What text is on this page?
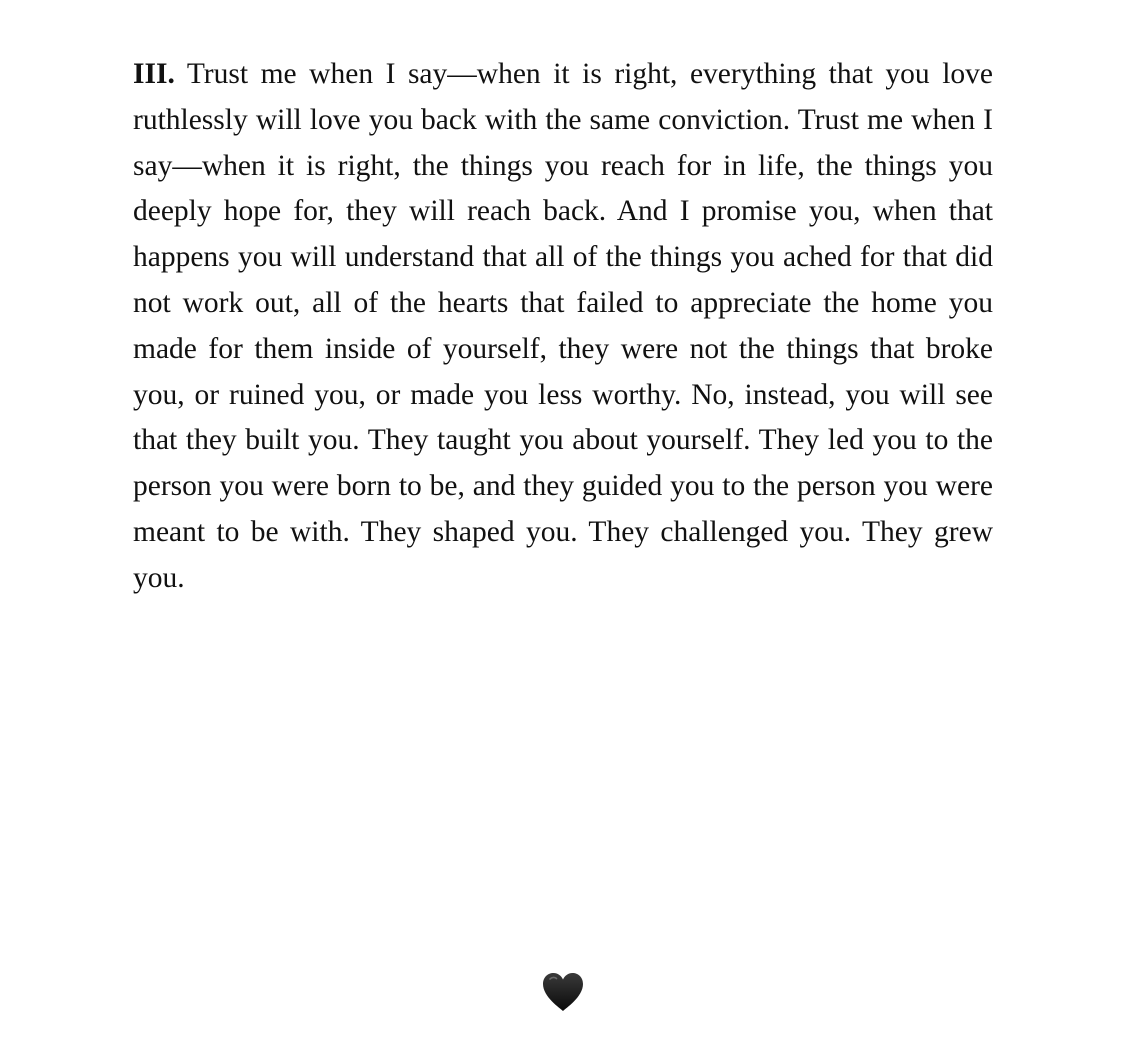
III. Trust me when I say—when it is right, everything that you love ruthlessly will love you back with the same conviction. Trust me when I say—when it is right, the things you reach for in life, the things you deeply hope for, they will reach back. And I promise you, when that happens you will understand that all of the things you ached for that did not work out, all of the hearts that failed to appreciate the home you made for them inside of yourself, they were not the things that broke you, or ruined you, or made you less worthy. No, instead, you will see that they built you. They taught you about yourself. They led you to the person you were born to be, and they guided you to the person you were meant to be with. They shaped you. They challenged you. They grew you.
